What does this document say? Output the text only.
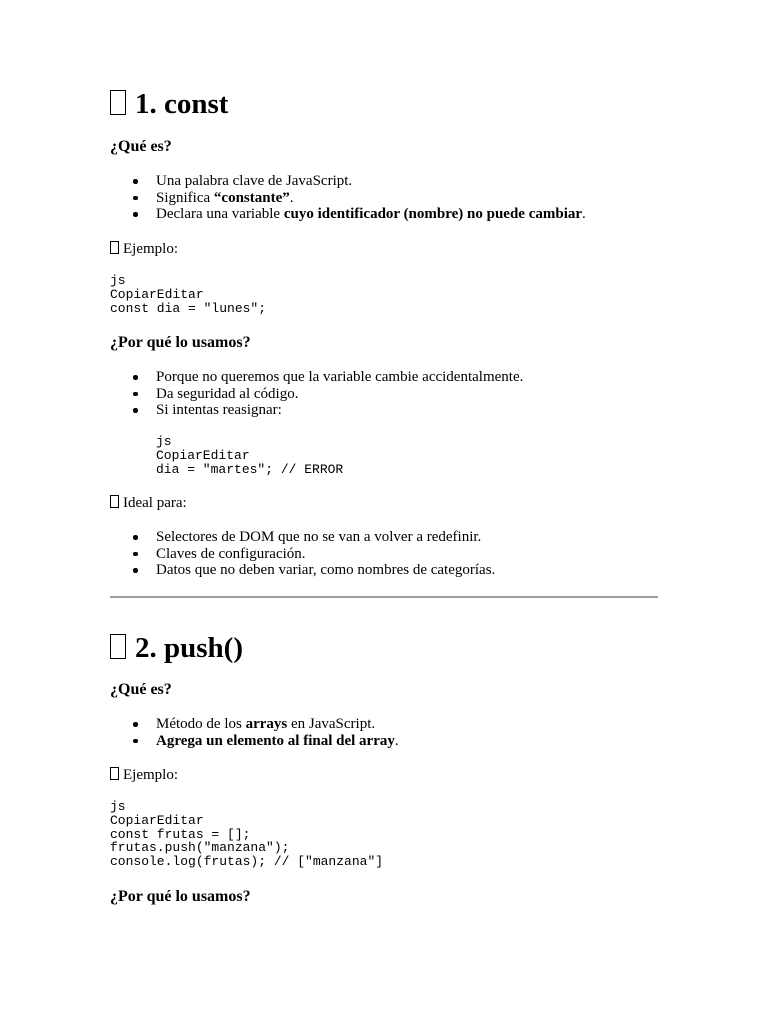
1. const
¿Qué es?
Una palabra clave de JavaScript.
Significa “constante”.
Declara una variable cuyo identificador (nombre) no puede cambiar.

Ejemplo:

js
CopiarEditar
const dia = "lunes";
¿Por qué lo usamos?
Porque no queremos que la variable cambie accidentalmente.
Da seguridad al código.
Si intentas reasignar:
js
CopiarEditar
dia = "martes"; // ERROR

Ideal para:

Selectores de DOM que no se van a volver a redefinir.
Claves de configuración.
Datos que no deben variar, como nombres de categorías.
2. push()
¿Qué es?
Método de los arrays en JavaScript.
Agrega un elemento al final del array.

Ejemplo:

js
CopiarEditar
const frutas = [];
frutas.push("manzana");
console.log(frutas); // ["manzana"]
¿Por qué lo usamos?
